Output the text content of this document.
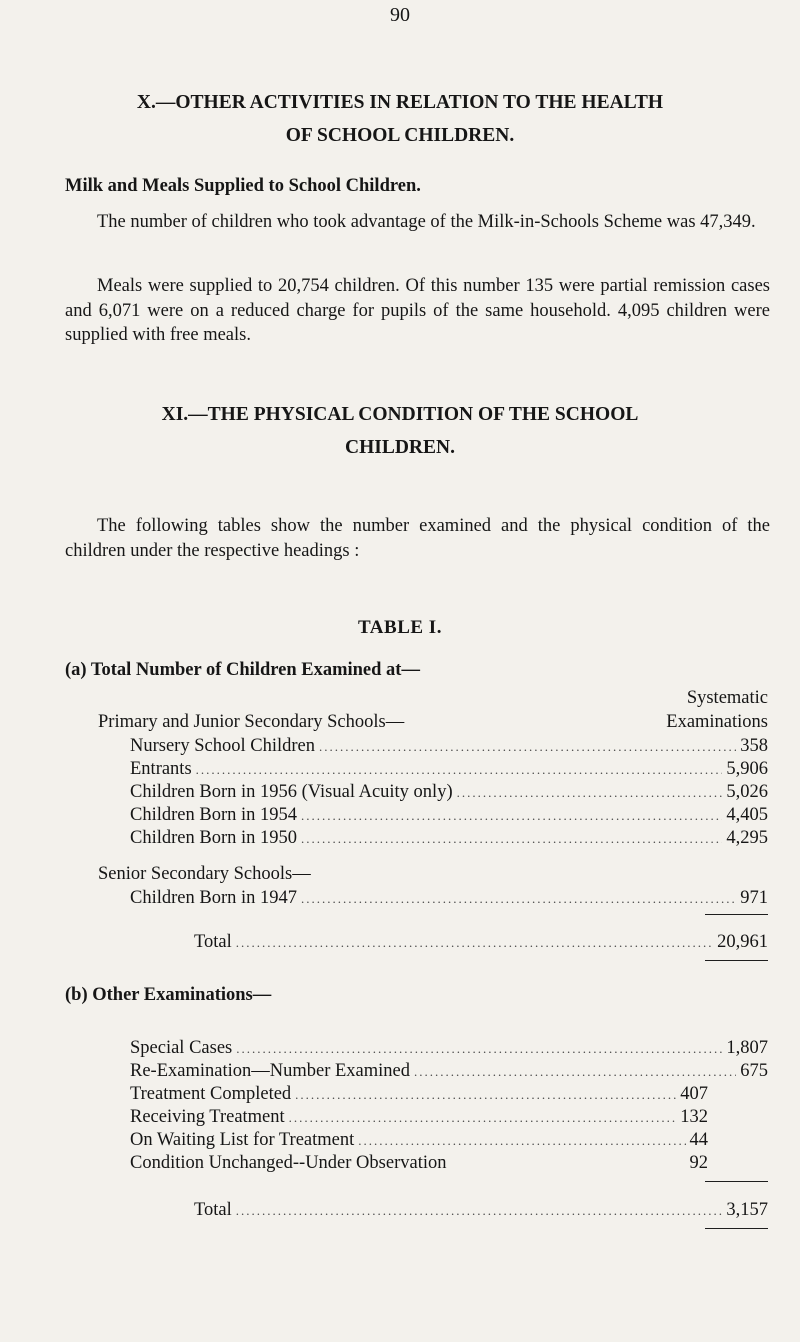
90
X.—OTHER ACTIVITIES IN RELATION TO THE HEALTH
OF SCHOOL CHILDREN.
Milk and Meals Supplied to School Children.
The number of children who took advantage of the Milk-in-Schools Scheme was 47,349.
Meals were supplied to 20,754 children. Of this number 135 were partial remission cases and 6,071 were on a reduced charge for pupils of the same household. 4,095 children were supplied with free meals.
XI.—THE PHYSICAL CONDITION OF THE SCHOOL
CHILDREN.
The following tables show the number examined and the physical condition of the children under the respective headings :
TABLE I.
(a) Total Number of Children Examined at—
Systematic
Primary and Junior Secondary Schools—	Examinations
Nursery School Children .....	358
Entrants .....	5,906
Children Born in 1956 (Visual Acuity only) .....	5,026
Children Born in 1954 .....	4,405
Children Born in 1950 .....	4,295
Senior Secondary Schools—
Children Born in 1947 .....	971
Total .....	20,961
(b) Other Examinations—
Special Cases .....	1,807
Re-Examination—Number Examined .....	675
Treatment Completed .....	407
Receiving Treatment .....	132
On Waiting List for Treatment .....	44
Condition Unchanged--Under Observation	92
Total .....	3,157
